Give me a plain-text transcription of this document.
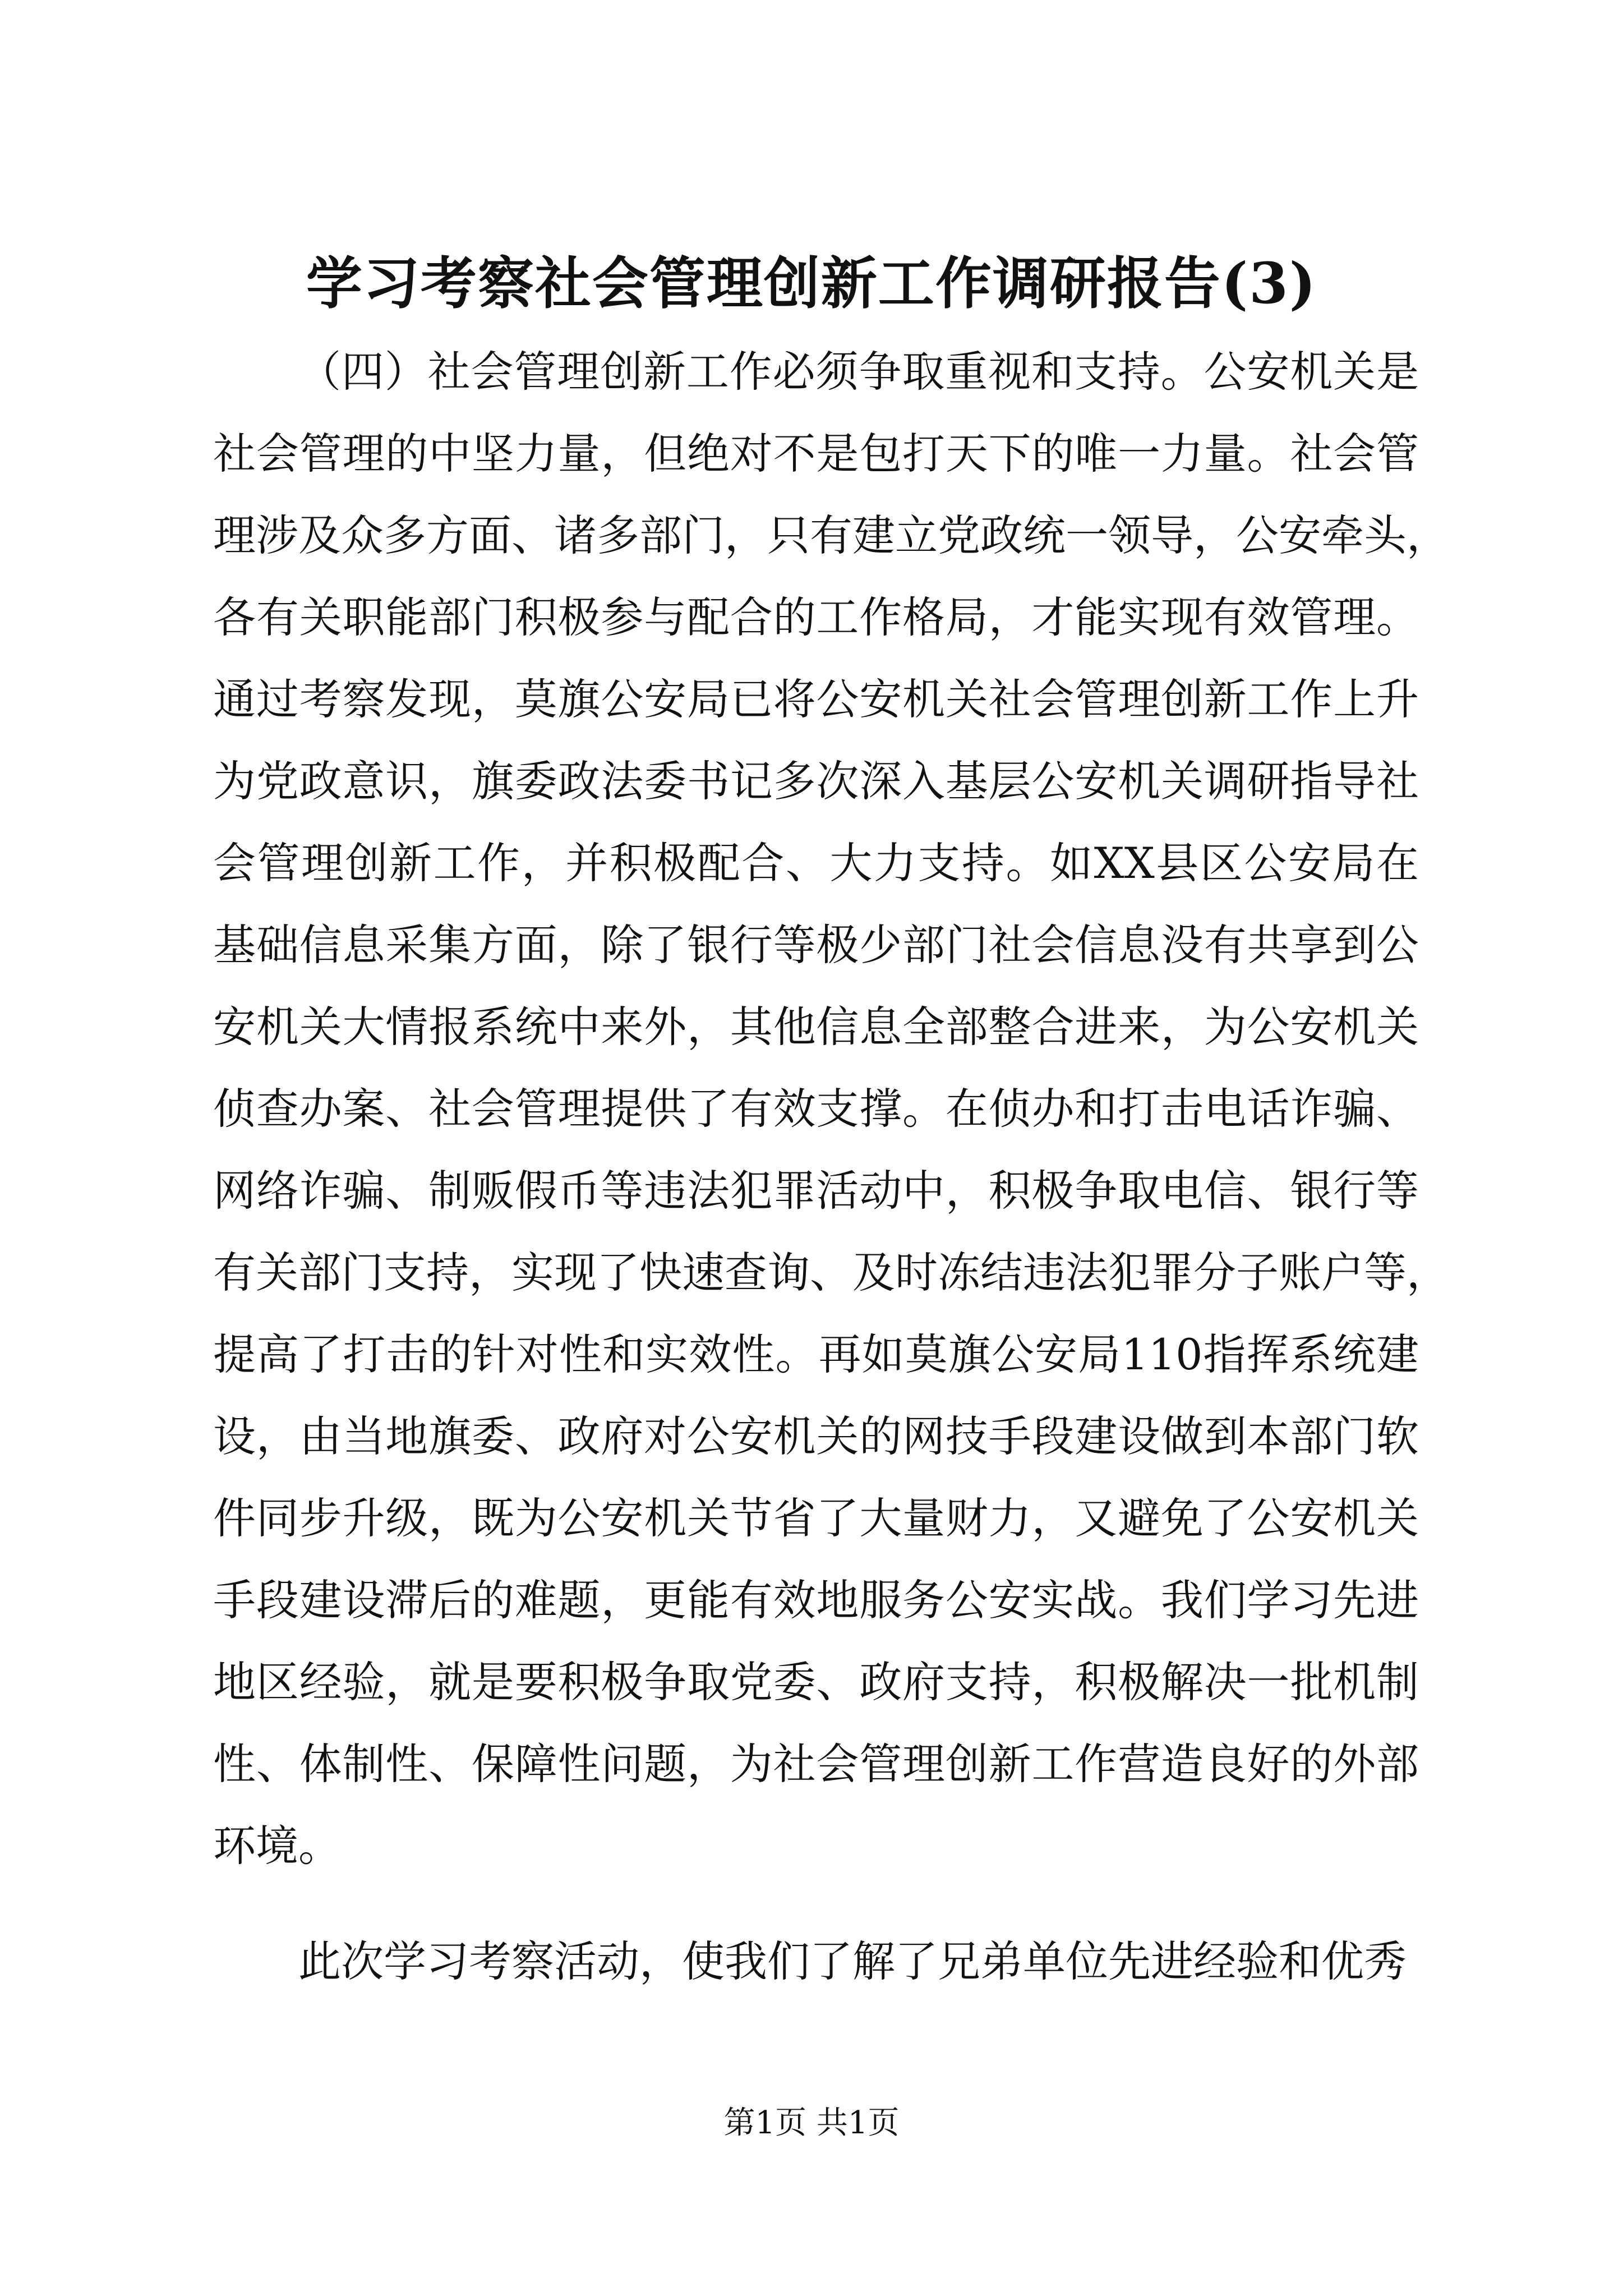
学习考察社会管理创新工作调研报告(3)
（四）社会管理创新工作必须争取重视和支持。公安机关是
社会管理的中坚力量，但绝对不是包打天下的唯一力量。社会管
理涉及众多方面、诸多部门，只有建立党政统一领导，公安牵头，
各有关职能部门积极参与配合的工作格局，才能实现有效管理。
通过考察发现，莫旗公安局已将公安机关社会管理创新工作上升
为党政意识，旗委政法委书记多次深入基层公安机关调研指导社
会管理创新工作，并积极配合、大力支持。如XX县区公安局在
基础信息采集方面，除了银行等极少部门社会信息没有共享到公
安机关大情报系统中来外，其他信息全部整合进来，为公安机关
侦查办案、社会管理提供了有效支撑。在侦办和打击电话诈骗、
网络诈骗、制贩假币等违法犯罪活动中，积极争取电信、银行等
有关部门支持，实现了快速查询、及时冻结违法犯罪分子账户等，
提高了打击的针对性和实效性。再如莫旗公安局110指挥系统建
设，由当地旗委、政府对公安机关的网技手段建设做到本部门软
件同步升级，既为公安机关节省了大量财力，又避免了公安机关
手段建设滞后的难题，更能有效地服务公安实战。我们学习先进
地区经验，就是要积极争取党委、政府支持，积极解决一批机制
性、体制性、保障性问题，为社会管理创新工作营造良好的外部
环境。
此次学习考察活动，使我们了解了兄弟单位先进经验和优秀
第1页 共1页
